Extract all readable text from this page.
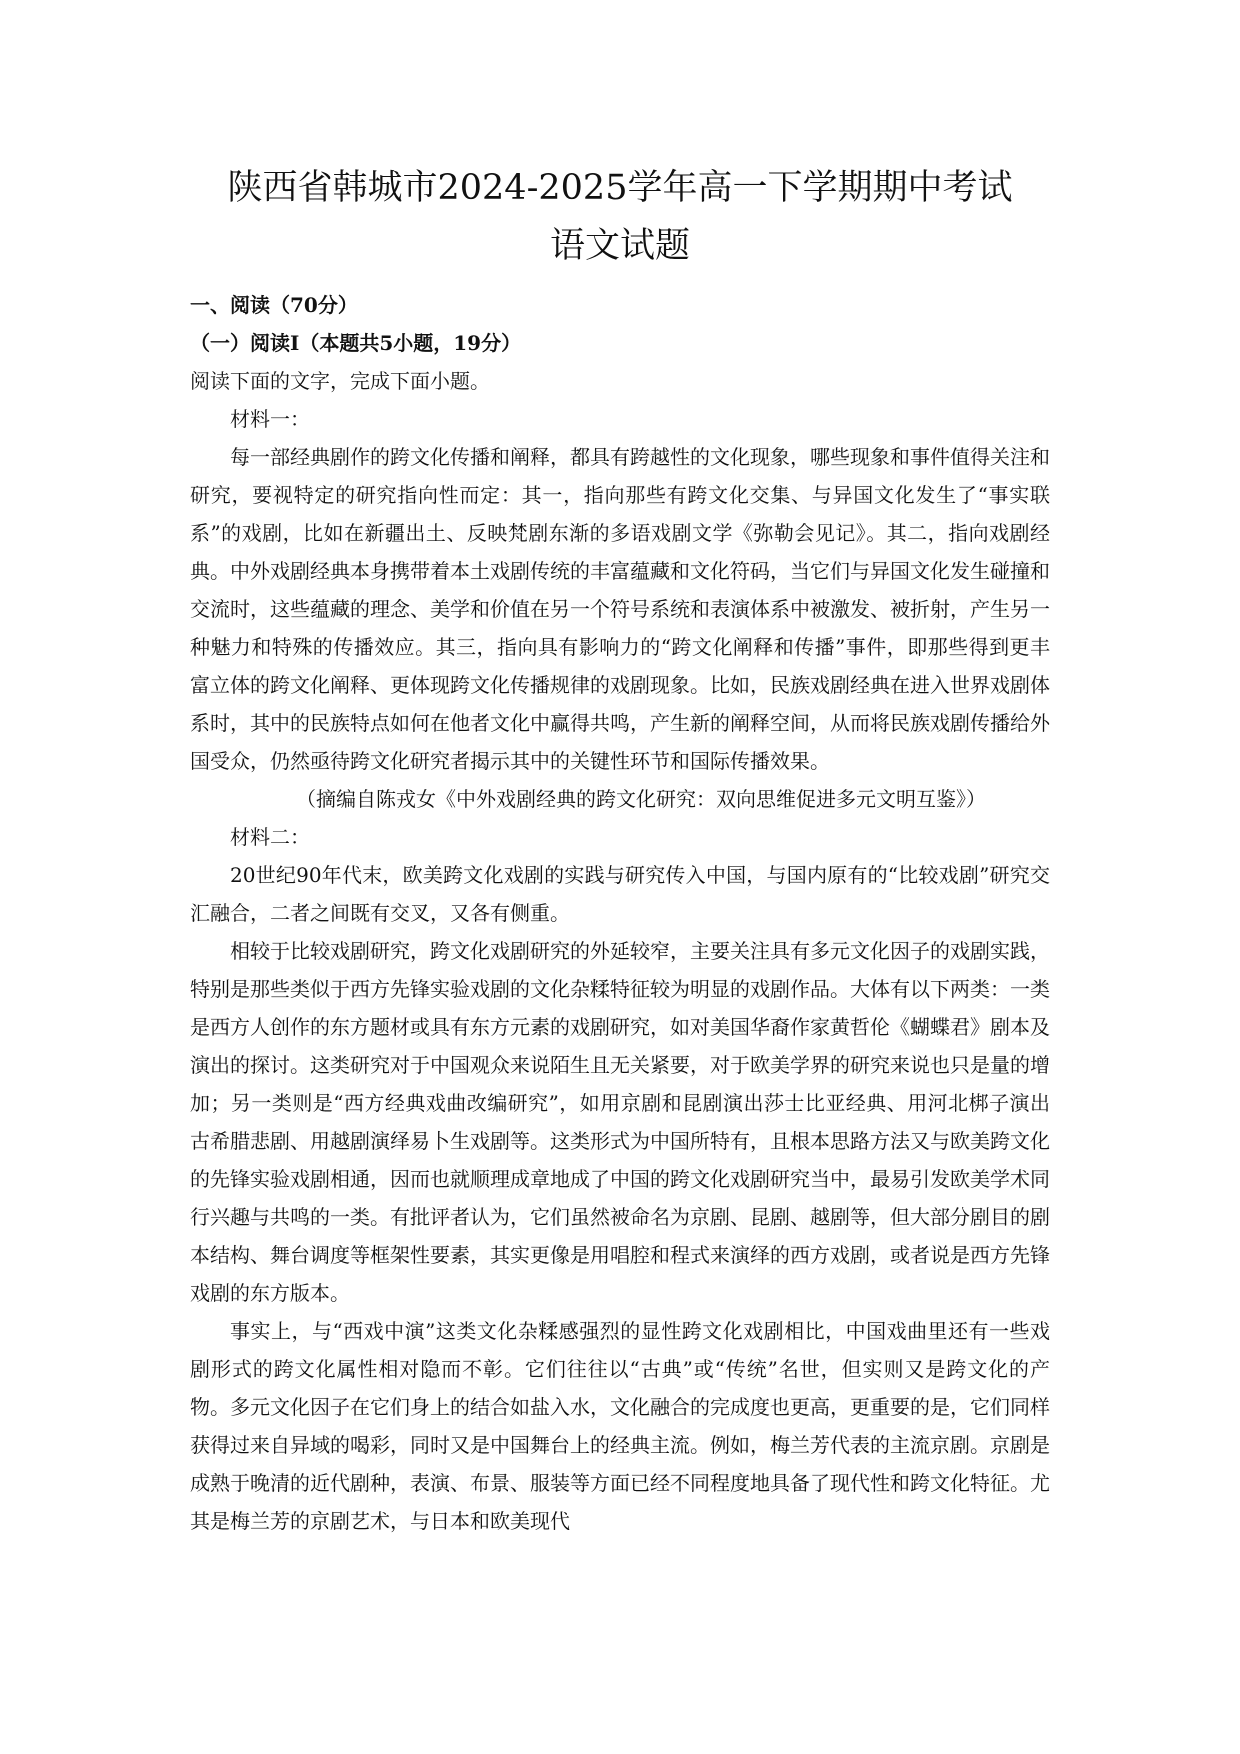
陕西省韩城市2024-2025学年高一下学期期中考试
语文试题

一、阅读（70分）

（一）阅读Ⅰ（本题共5小题，19分）

阅读下面的文字，完成下面小题。

材料一：

每一部经典剧作的跨文化传播和阐释，都具有跨越性的文化现象，哪些现象和事件值得关注和研究，要视特定的研究指向性而定：其一，指向那些有跨文化交集、与异国文化发生了“事实联系”的戏剧，比如在新疆出土、反映梵剧东渐的多语戏剧文学《弥勒会见记》。其二，指向戏剧经典。中外戏剧经典本身携带着本土戏剧传统的丰富蕴藏和文化符码，当它们与异国文化发生碰撞和交流时，这些蕴藏的理念、美学和价值在另一个符号系统和表演体系中被激发、被折射，产生另一种魅力和特殊的传播效应。其三，指向具有影响力的“跨文化阐释和传播”事件，即那些得到更丰富立体的跨文化阐释、更体现跨文化传播规律的戏剧现象。比如，民族戏剧经典在进入世界戏剧体系时，其中的民族特点如何在他者文化中赢得共鸣，产生新的阐释空间，从而将民族戏剧传播给外国受众，仍然亟待跨文化研究者揭示其中的关键性环节和国际传播效果。

（摘编自陈戎女《中外戏剧经典的跨文化研究：双向思维促进多元文明互鉴》）

材料二：

20世纪90年代末，欧美跨文化戏剧的实践与研究传入中国，与国内原有的“比较戏剧”研究交汇融合，二者之间既有交叉，又各有侧重。

相较于比较戏剧研究，跨文化戏剧研究的外延较窄，主要关注具有多元文化因子的戏剧实践，特别是那些类似于西方先锋实验戏剧的文化杂糅特征较为明显的戏剧作品。大体有以下两类：一类是西方人创作的东方题材或具有东方元素的戏剧研究，如对美国华裔作家黄哲伦《蝴蝶君》剧本及演出的探讨。这类研究对于中国观众来说陌生且无关紧要，对于欧美学界的研究来说也只是量的增加；另一类则是“西方经典戏曲改编研究”，如用京剧和昆剧演出莎士比亚经典、用河北梆子演出古希腊悲剧、用越剧演绎易卜生戏剧等。这类形式为中国所特有，且根本思路方法又与欧美跨文化的先锋实验戏剧相通，因而也就顺理成章地成了中国的跨文化戏剧研究当中，最易引发欧美学术同行兴趣与共鸣的一类。有批评者认为，它们虽然被命名为京剧、昆剧、越剧等，但大部分剧目的剧本结构、舞台调度等框架性要素，其实更像是用唱腔和程式来演绎的西方戏剧，或者说是西方先锋戏剧的东方版本。

事实上，与“西戏中演”这类文化杂糅感强烈的显性跨文化戏剧相比，中国戏曲里还有一些戏剧形式的跨文化属性相对隐而不彰。它们往往以“古典”或“传统”名世，但实则又是跨文化的产物。多元文化因子在它们身上的结合如盐入水，文化融合的完成度也更高，更重要的是，它们同样获得过来自异域的喝彩，同时又是中国舞台上的经典主流。例如，梅兰芳代表的主流京剧。京剧是成熟于晚清的近代剧种，表演、布景、服装等方面已经不同程度地具备了现代性和跨文化特征。尤其是梅兰芳的京剧艺术，与日本和欧美现代
